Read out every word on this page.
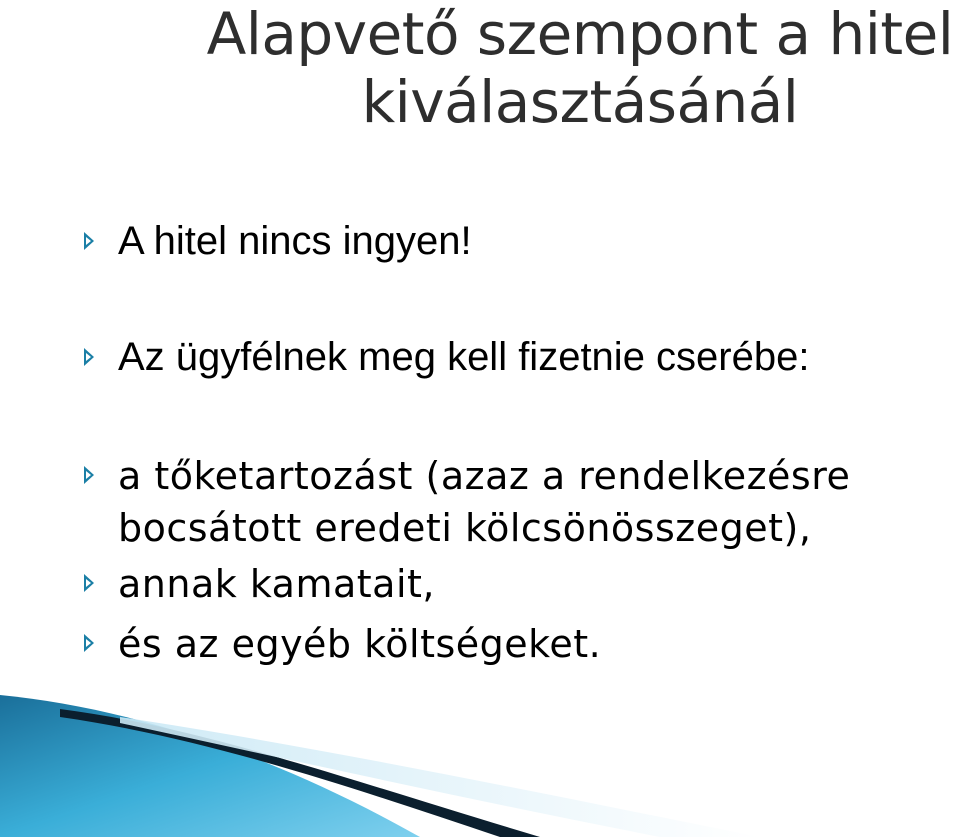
Alapvető szempont a hitel
kiválasztásánál
A hitel nincs ingyen!
Az ügyfélnek meg kell fizetnie cserébe:
a tőketartozást (azaz a rendelkezésre
bocsátott eredeti kölcsönösszeget),
annak kamatait,
és az egyéb költségeket.
